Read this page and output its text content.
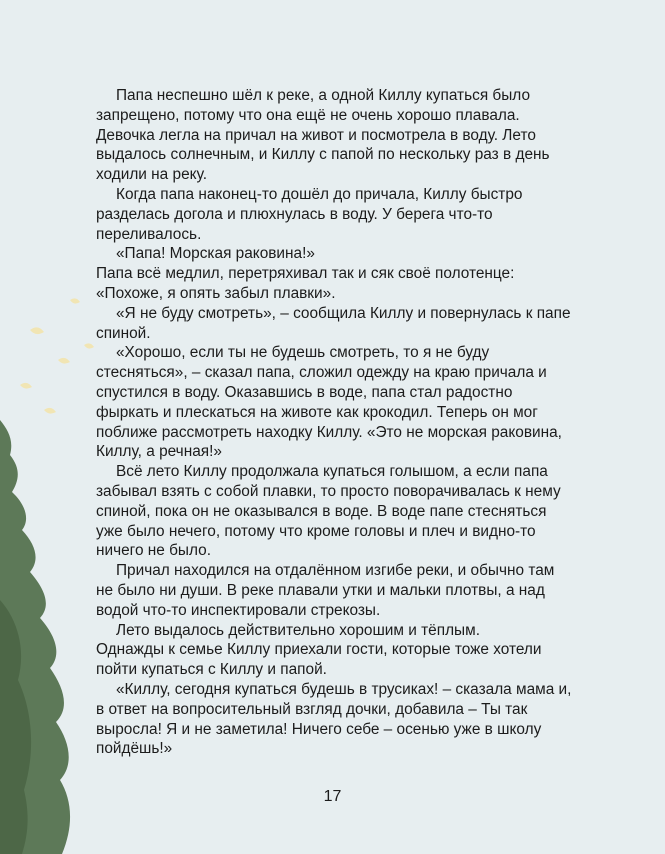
Папа неспешно шёл к реке, а одной Киллу купаться было запрещено, потому что она ещё не очень хорошо плавала. Девочка легла на причал на живот и посмотрела в воду. Лето выдалось солнечным, и Киллу с папой по нескольку раз в день ходили на реку.

Когда папа наконец-то дошёл до причала, Киллу быстро разделась догола и плюхнулась в воду. У берега что-то переливалось.

«Папа! Морская раковина!»

Папа всё медлил, перетряхивал так и сяк своё полотенце:

«Похоже, я опять забыл плавки».

«Я не буду смотреть», – сообщила Киллу и повернулась к папе спиной.

«Хорошо, если ты не будешь смотреть, то я не буду стесняться», – сказал папа, сложил одежду на краю причала и спустился в воду. Оказавшись в воде, папа стал радостно фыркать и плескаться на животе как крокодил. Теперь он мог поближе рассмотреть находку Киллу. «Это не морская раковина, Киллу, а речная!»

Всё лето Киллу продолжала купаться голышом, а если папа забывал взять с собой плавки, то просто поворачивалась к нему спиной, пока он не оказывался в воде. В воде папе стесняться уже было нечего, потому что кроме головы и плеч и видно-то ничего не было.

Причал находился на отдалённом изгибе реки, и обычно там не было ни души. В реке плавали утки и мальки плотвы, а над водой что-то инспектировали стрекозы.

Лето выдалось действительно хорошим и тёплым.

Однажды к семье Киллу приехали гости, которые тоже хотели пойти купаться с Киллу и папой.

«Киллу, сегодня купаться будешь в трусиках! – сказала мама и, в ответ на вопросительный взгляд дочки, добавила – Ты так выросла! Я и не заметила! Ничего себе – осенью уже в школу пойдёшь!»

17
